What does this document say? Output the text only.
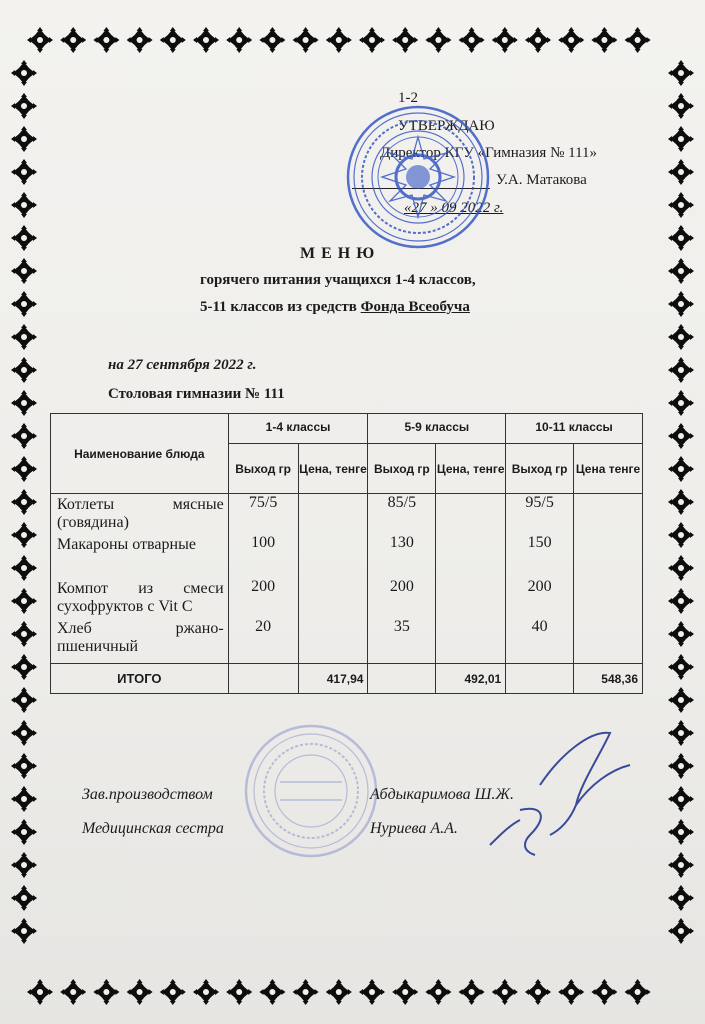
1-2
УТВЕРЖДАЮ
Директор КГУ «Гимназия № 111»
У.А. Матакова
«27 » 09 2022 г.
М Е Н Ю
горячего питания учащихся 1-4 классов,
5-11 классов из средств Фонда Всеобуча
на 27 сентября 2022 г.
Столовая гимназии № 111
Наименование блюда	1-4 классы		5-9 классы		10-11 классы	
	Выход гр	Цена, тенге	Выход гр	Цена, тенге	Выход гр	Цена тенге
Котлеты мясные (говядина)	75/5		85/5		95/5	
Макароны отварные	100		130		150	
Компот из смеси сухофруктов с Vit C	200		200		200	
Хлеб ржано-пшеничный	20		35		40	
ИТОГО		417,94		492,01		548,36
Зав.производством	Абдыкаримова Ш.Ж.
Медицинская сестра	Нуриева А.А.
